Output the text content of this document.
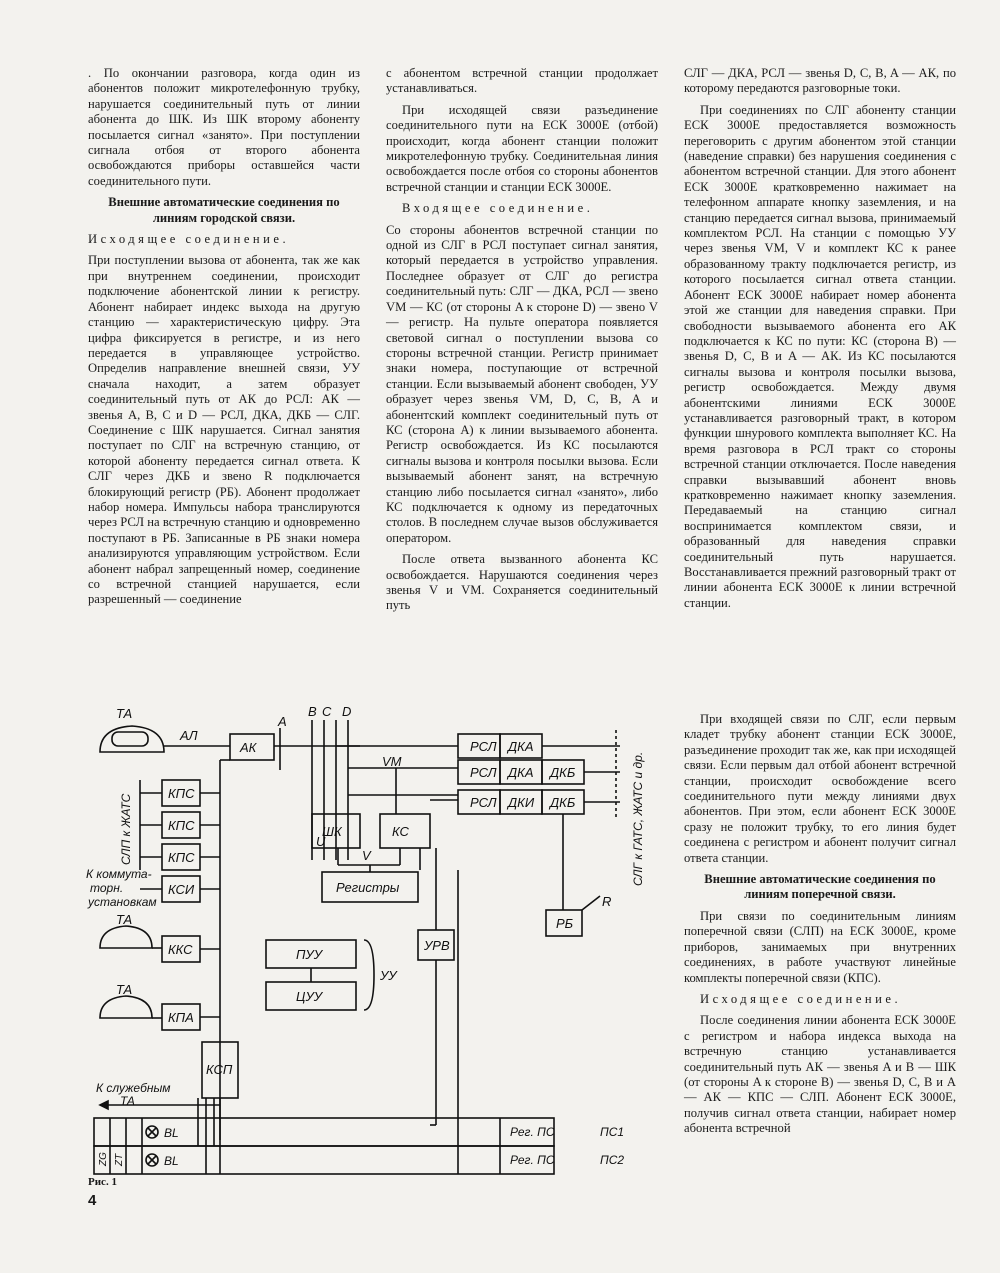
. По окончании разговора, когда один из абонентов положит микротелефонную трубку, нарушается соединительный путь от линии абонента до ШК. Из ШК второму абоненту посылается сигнал «занято». При поступлении сигнала отбоя от второго абонента освобождаются приборы оставшейся части соединительного пути.

Внешние автоматические соединения по линиям городской связи.

Исходящее соединение.

При поступлении вызова от абонента, так же как при внутреннем соединении, происходит подключение абонентской линии к регистру. Абонент набирает индекс выхода на другую станцию — характеристическую цифру. Эта цифра фиксируется в регистре, и из него передается в управляющее устройство. Определив направление внешней связи, УУ сначала находит, а затем образует соединительный путь от АК до РСЛ: АК — звенья A, B, C и D — РСЛ, ДКА, ДКБ — СЛГ. Соединение с ШК нарушается. Сигнал занятия поступает по СЛГ на встречную станцию, от которой абоненту передается сигнал ответа. К СЛГ через ДКБ и звено R подключается блокирующий регистр (РБ). Абонент продолжает набор номера. Импульсы набора транслируются через РСЛ на встречную станцию и одновременно поступают в РБ. Записанные в РБ знаки номера анализируются управляющим устройством. Если абонент набрал запрещенный номер, соединение со встречной станцией нарушается, если разрешенный — соединение

с абонентом встречной станции продолжает устанавливаться.

При исходящей связи разъединение соединительного пути на ЕСК 3000Е (отбой) происходит, когда абонент станции положит микротелефонную трубку. Соединительная линия освобождается после отбоя со стороны абонентов встречной станции и станции ЕСК 3000Е.

Входящее соединение.

Со стороны абонентов встречной станции по одной из СЛГ в РСЛ поступает сигнал занятия, который передается в устройство управления. Последнее образует от СЛГ до регистра соединительный путь: СЛГ — ДКА, РСЛ — звено VM — КС (от стороны A к стороне D) — звено V — регистр. На пульте оператора появляется световой сигнал о поступлении вызова со стороны встречной станции. Регистр принимает знаки номера, поступающие от встречной станции. Если вызываемый абонент свободен, УУ образует через звенья VM, D, C, B, A и абонентский комплект соединительный путь от КС (сторона A) к линии вызываемого абонента. Регистр освобождается. Из КС посылаются сигналы вызова и контроля посылки вызова. Если вызываемый абонент занят, на встречную станцию либо посылается сигнал «занято», либо КС подключается к одному из передаточных столов. В последнем случае вызов обслуживается оператором.

После ответа вызванного абонента КС освобождается. Нарушаются соединения через звенья V и VM. Сохраняется соединительный путь

СЛГ — ДКА, РСЛ — звенья D, C, B, A — АК, по которому передаются разговорные токи.

При соединениях по СЛГ абоненту станции ЕСК 3000Е предоставляется возможность переговорить с другим абонентом этой станции (наведение справки) без нарушения соединения с абонентом встречной станции. Для этого абонент ЕСК 3000Е кратковременно нажимает на телефонном аппарате кнопку заземления, и на станцию передается сигнал вызова, принимаемый комплектом РСЛ. На станции с помощью УУ через звенья VM, V и комплект КС к ранее образованному тракту подключается регистр, из которого посылается сигнал ответа станции. Абонент ЕСК 3000Е набирает номер абонента этой же станции для наведения справки. При свободности вызываемого абонента его АК подключается к КС по пути: КС (сторона B) — звенья D, C, B и A — АК. Из КС посылаются сигналы вызова и контроля посылки вызова, регистр освобождается. Между двумя абонентскими линиями ЕСК 3000Е устанавливается разговорный тракт, в котором функции шнурового комплекта выполняет КС. На время разговора в РСЛ тракт со стороны встречной станции отключается. После наведения справки вызывавший абонент вновь кратковременно нажимает кнопку заземления. Передаваемый на станцию сигнал воспринимается комплектом связи, и образованный для наведения справки соединительный путь нарушается. Восстанавливается прежний разговорный тракт от линии абонента ЕСК 3000Е к линии встречной станции.

При входящей связи по СЛГ, если первым кладет трубку абонент станции ЕСК 3000Е, разъединение проходит так же, как при исходящей связи. Если первым дал отбой абонент встречной станции, происходит освобождение всего соединительного пути между линиями двух абонентов. При этом, если абонент ЕСК 3000Е сразу не положит трубку, то его линия будет соединена с регистром и абонент получит сигнал ответа станции.

Внешние автоматические соединения по линиям поперечной связи.

При связи по соединительным линиям поперечной связи (СЛП) на ЕСК 3000Е, кроме приборов, занимаемых при внутренних соединениях, в работе участвуют линейные комплекты поперечной связи (КПС).

Исходящее соединение.

После соединения линии абонента ЕСК 3000Е с регистром и набора индекса выхода на встречную станцию устанавливается соединительный путь АК — звенья A и B — ШК (от стороны A к стороне B) — звенья D, C, B и A — АК — КПС — СЛП. Абонент ЕСК 3000Е, получив сигнал ответа станции, набирает номер абонента встречной

ТА
АЛ
АК
A
B C D
VM
РСЛ ДКА
РСЛ ДКА ДКБ
РСЛ ДКИ ДКБ
РБ
R
ШК	КС
U
V
Регистры
УРВ
ПУУ
ЦУУ
УУ
КПС
КПС
КПС
КСИ
ККС
КПА
КСП
ТА
ТА
К коммута-
торн.
установкам
К служебным
ТА
BL
BL
Рег. ПС
Рег. ПС
ПС1
ПС2
СЛП к ЖАТС	СЛГ к ГАТС, ЖАТС и др.
ZG ZT
Рис. 1
4
